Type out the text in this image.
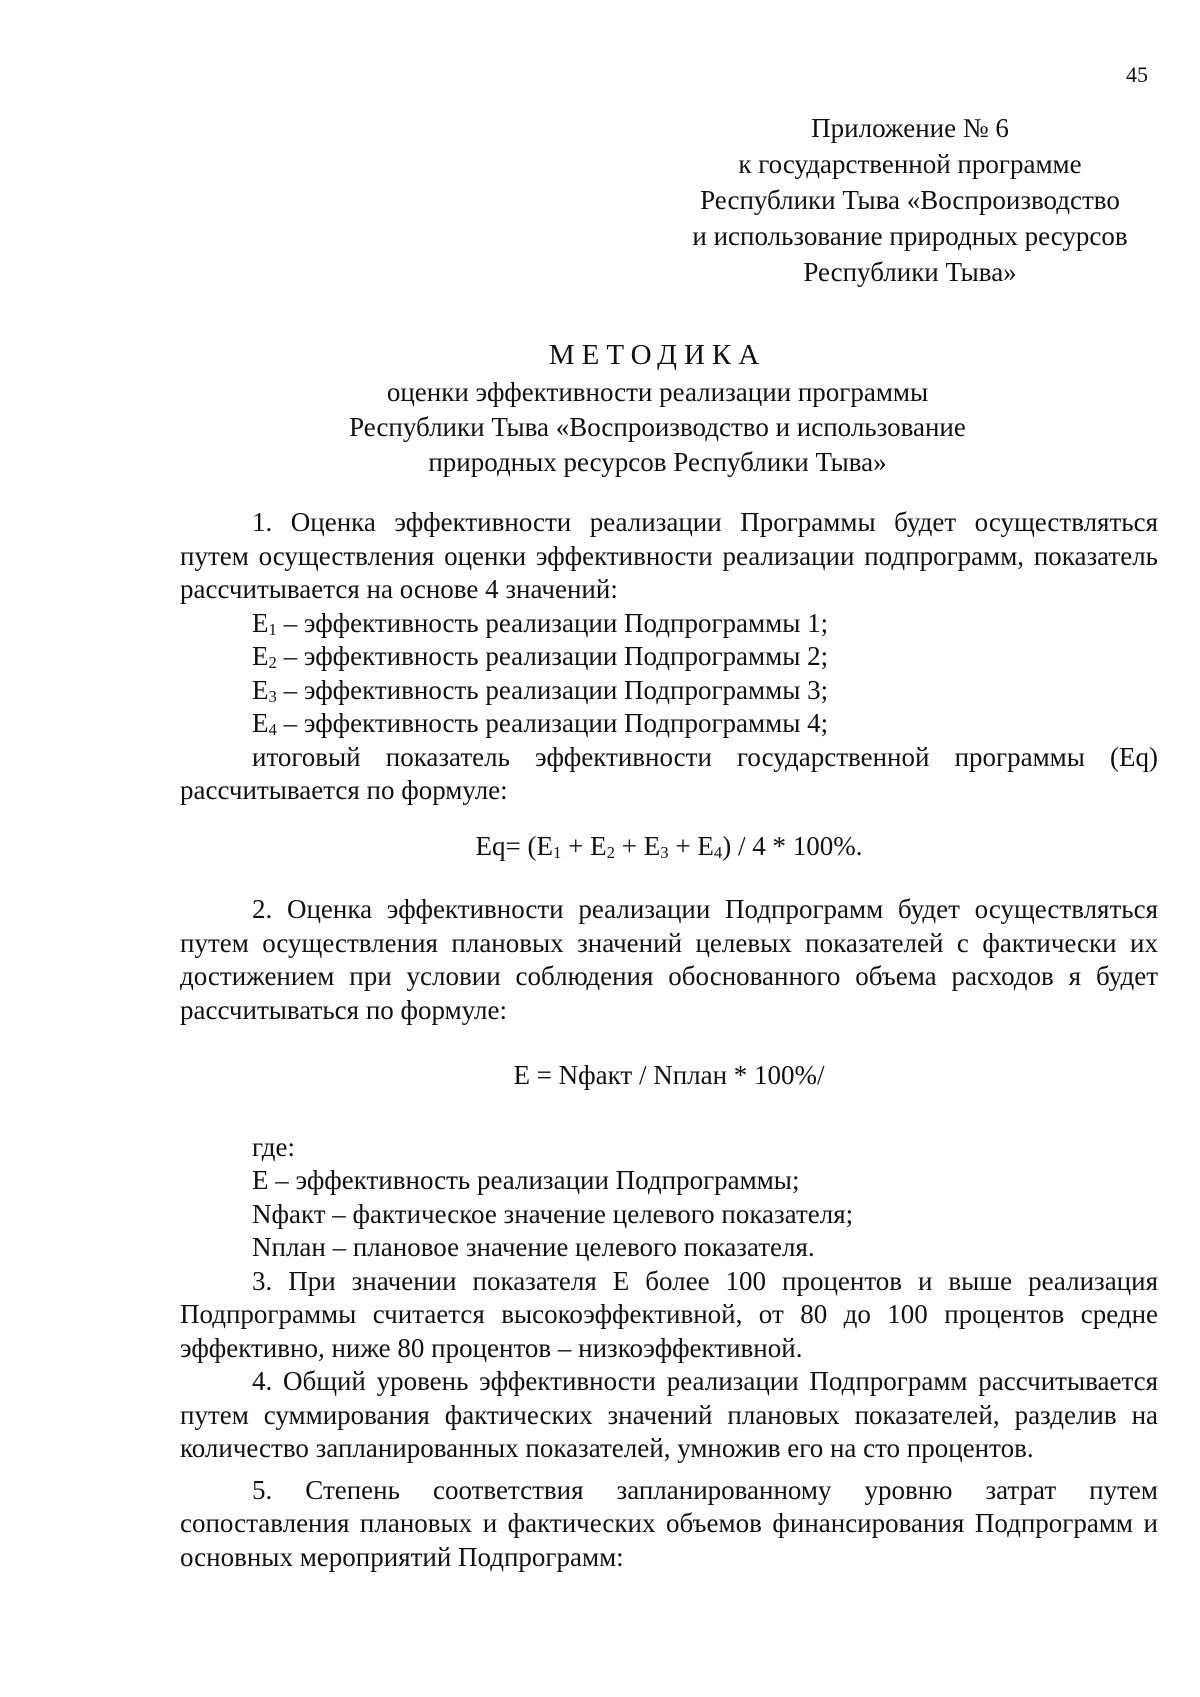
45
Приложение № 6
к государственной программе
Республики Тыва «Воспроизводство
и использование природных ресурсов
Республики Тыва»
МЕТОДИКА
оценки эффективности реализации программы
Республики Тыва «Воспроизводство и использование
природных ресурсов Республики Тыва»

1. Оценка эффективности реализации Программы будет осуществляться путем осуществления оценки эффективности реализации подпрограмм, показатель рассчитывается на основе 4 значений:

$E_1$ – эффективность реализации Подпрограммы 1;

$E_2$ – эффективность реализации Подпрограммы 2;

$E_3$ – эффективность реализации Подпрограммы 3;

$E_4$ – эффективность реализации Подпрограммы 4;

итоговый показатель эффективности государственной программы (Eq) рассчитывается по формуле:

$Eq= (E_1 + E_2 + E_3 + E_4) / 4 * 100\%$.

2. Оценка эффективности реализации Подпрограмм будет осуществляться путем осуществления плановых значений целевых показателей с фактически их достижением при условии соблюдения обоснованного объема расходов я будет рассчитываться по формуле:

E = Nфакт / Nплан * 100%/

где:

E – эффективность реализации Подпрограммы;

Nфакт – фактическое значение целевого показателя;

Nплан – плановое значение целевого показателя.

3. При значении показателя E более 100 процентов и выше реализация Подпрограммы считается высокоэффективной, от 80 до 100 процентов средне эффективно, ниже 80 процентов – низкоэффективной.

4. Общий уровень эффективности реализации Подпрограмм рассчитывается путем суммирования фактических значений плановых показателей, разделив на количество запланированных показателей, умножив его на сто процентов.

5. Степень соответствия запланированному уровню затрат путем сопоставления плановых и фактических объемов финансирования Подпрограмм и основных мероприятий Подпрограмм:
